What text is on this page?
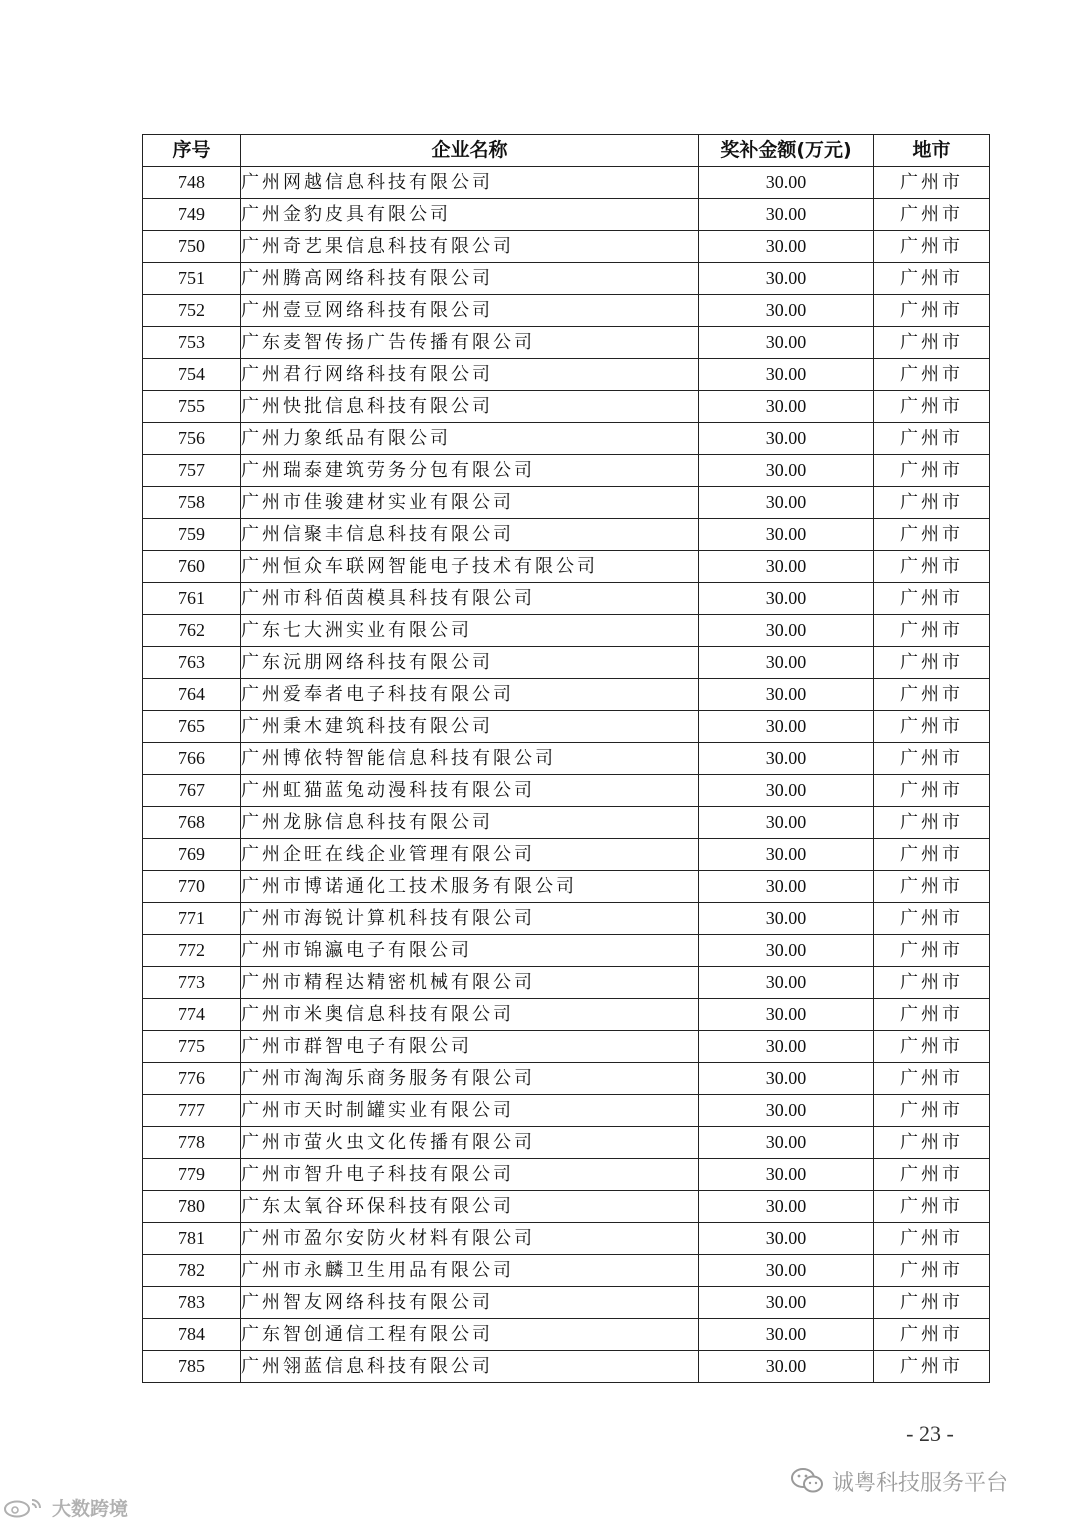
序号	企业名称	奖补金额(万元)	地市
748	广州网越信息科技有限公司	30.00	广州市
749	广州金豹皮具有限公司	30.00	广州市
750	广州奇艺果信息科技有限公司	30.00	广州市
751	广州腾高网络科技有限公司	30.00	广州市
752	广州壹豆网络科技有限公司	30.00	广州市
753	广东麦智传扬广告传播有限公司	30.00	广州市
754	广州君行网络科技有限公司	30.00	广州市
755	广州快批信息科技有限公司	30.00	广州市
756	广州力象纸品有限公司	30.00	广州市
757	广州瑞泰建筑劳务分包有限公司	30.00	广州市
758	广州市佳骏建材实业有限公司	30.00	广州市
759	广州信聚丰信息科技有限公司	30.00	广州市
760	广州恒众车联网智能电子技术有限公司	30.00	广州市
761	广州市科佰茵模具科技有限公司	30.00	广州市
762	广东七大洲实业有限公司	30.00	广州市
763	广东沅朋网络科技有限公司	30.00	广州市
764	广州爱奉者电子科技有限公司	30.00	广州市
765	广州秉木建筑科技有限公司	30.00	广州市
766	广州博依特智能信息科技有限公司	30.00	广州市
767	广州虹猫蓝兔动漫科技有限公司	30.00	广州市
768	广州龙脉信息科技有限公司	30.00	广州市
769	广州企旺在线企业管理有限公司	30.00	广州市
770	广州市博诺通化工技术服务有限公司	30.00	广州市
771	广州市海锐计算机科技有限公司	30.00	广州市
772	广州市锦瀛电子有限公司	30.00	广州市
773	广州市精程达精密机械有限公司	30.00	广州市
774	广州市米奥信息科技有限公司	30.00	广州市
775	广州市群智电子有限公司	30.00	广州市
776	广州市淘淘乐商务服务有限公司	30.00	广州市
777	广州市天时制罐实业有限公司	30.00	广州市
778	广州市萤火虫文化传播有限公司	30.00	广州市
779	广州市智升电子科技有限公司	30.00	广州市
780	广东太氧谷环保科技有限公司	30.00	广州市
781	广州市盈尔安防火材料有限公司	30.00	广州市
782	广州市永麟卫生用品有限公司	30.00	广州市
783	广州智友网络科技有限公司	30.00	广州市
784	广东智创通信工程有限公司	30.00	广州市
785	广州翎蓝信息科技有限公司	30.00	广州市
- 23 -
诚粤科技服务平台
大数跨境
